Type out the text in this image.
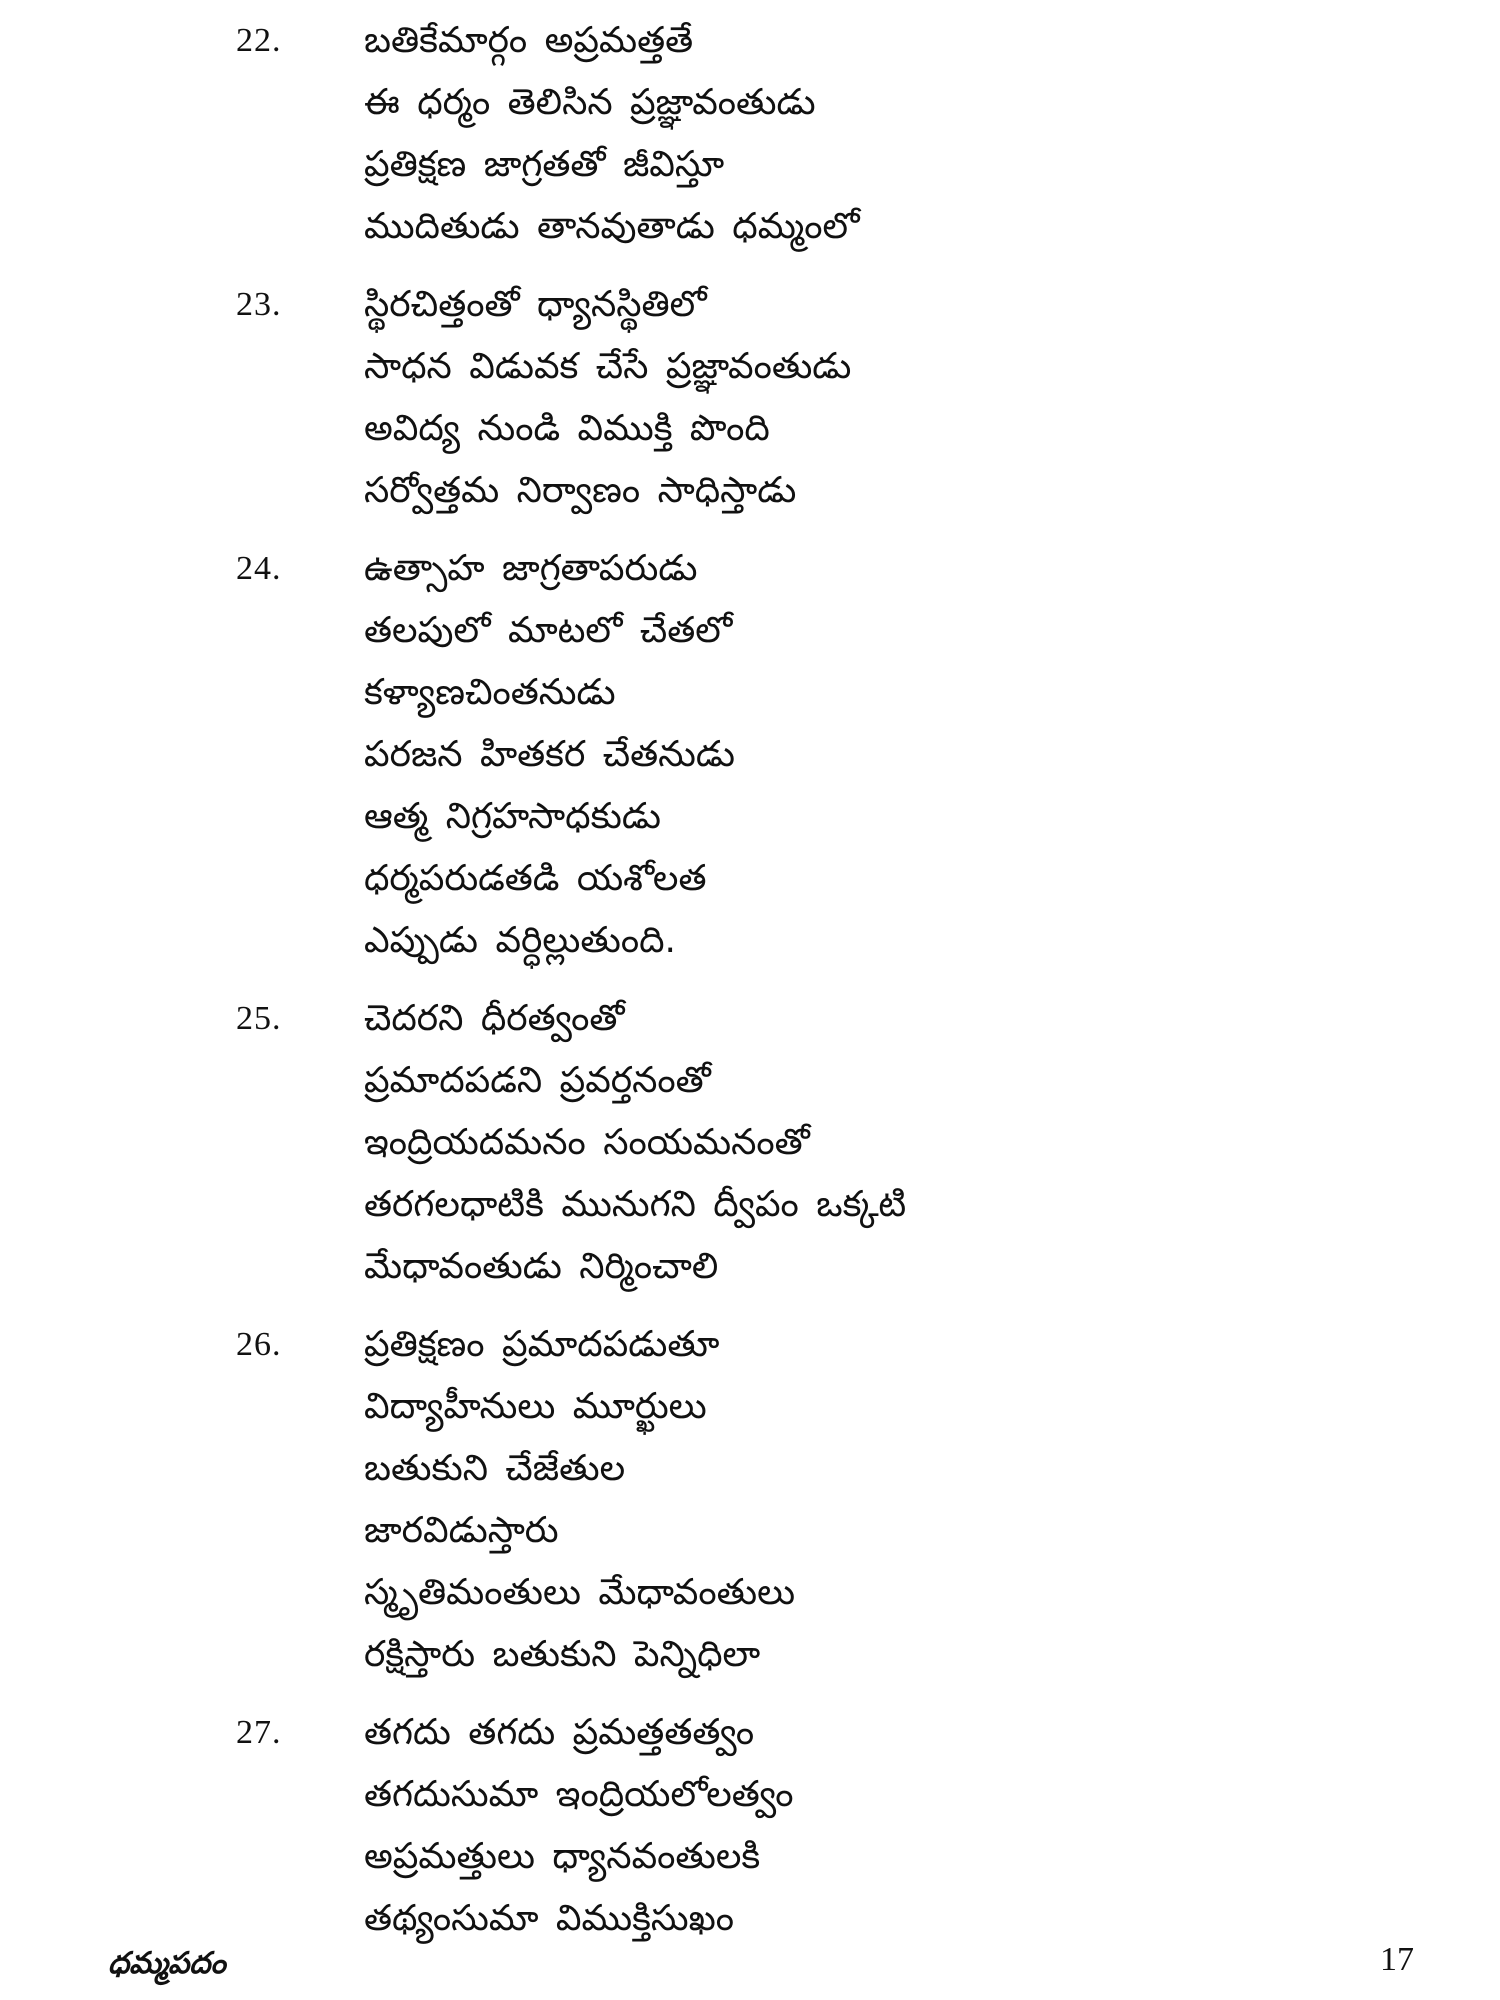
22.	బతికేమార్గం అప్రమత్తతే
ఈ ధర్మం తెలిసిన ప్రజ్ఞావంతుడు
ప్రతిక్షణ జాగ్రతతో జీవిస్తూ
ముదితుడు తానవుతాడు ధమ్మంలో
23.	స్థిరచిత్తంతో ధ్యానస్థితిలో
సాధన విడువక చేసే ప్రజ్ఞావంతుడు
అవిద్య నుండి విముక్తి పొంది
సర్వోత్తమ నిర్వాణం సాధిస్తాడు
24.	ఉత్సాహ జాగ్రతాపరుడు
తలపులో మాటలో చేతలో
కళ్యాణచింతనుడు
పరజన హితకర చేతనుడు
ఆత్మ నిగ్రహసాధకుడు
ధర్మపరుడతడి యశోలత
ఎప్పుడు వర్ధిల్లుతుంది.
25.	చెదరని ధీరత్వంతో
ప్రమాదపడని ప్రవర్తనంతో
ఇంద్రియదమనం సంయమనంతో
తరగలధాటికి మునుగని ద్వీపం ఒక్కటి
మేధావంతుడు నిర్మించాలి
26.	ప్రతిక్షణం ప్రమాదపడుతూ
విద్యాహీనులు మూర్ఖులు
బతుకుని చేజేతుల
జారవిడుస్తారు
స్మృతిమంతులు మేధావంతులు
రక్షిస్తారు బతుకుని పెన్నిధిలా
27.	తగదు తగదు ప్రమత్తతత్వం
తగదుసుమా ఇంద్రియలోలత్వం
అప్రమత్తులు ధ్యానవంతులకి
తథ్యంసుమా విముక్తిసుఖం
ధమ్మపదం	17
